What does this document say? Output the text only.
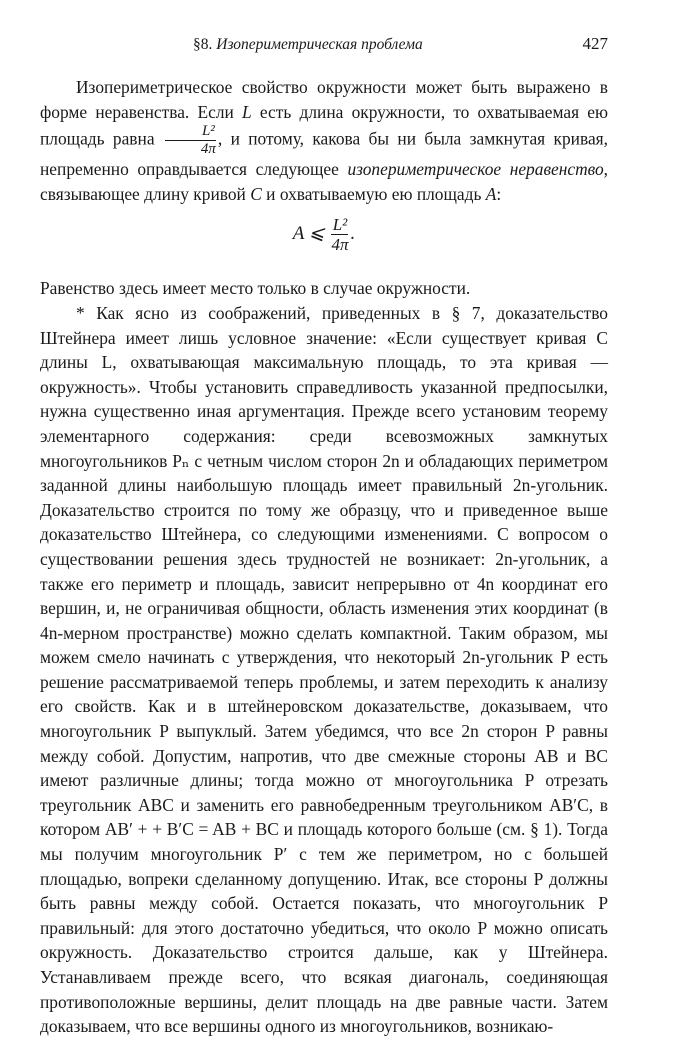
§8. Изопериметрическая проблема	427

Изопериметрическое свойство окружности может быть выражено в форме неравенства. Если L есть длина окружности, то охватываемая ею площадь равна $\frac{\text{L²}}{4\pi}$ , и потому, какова бы ни была замкнутая кривая, непременно оправдывается следующее изопериметрическое неравенство, связывающее длину кривой C и охватываемую ею площадь A:

A ⩽ $\frac{\text{L²}}{4\pi}$ .

Равенство здесь имеет место только в случае окружности.

* Как ясно из соображений, приведенных в § 7, доказательство Штейнера имеет лишь условное значение: «Если существует кривая C длины L, охватывающая максимальную площадь, то эта кривая — окружность». Чтобы установить справедливость указанной предпосылки, нужна существенно иная аргументация. Прежде всего установим теорему элементарного содержания: среди всевозможных замкнутых многоугольников Pₙ с четным числом сторон 2n и обладающих периметром заданной длины наибольшую площадь имеет правильный 2n-угольник. Доказательство строится по тому же образцу, что и приведенное выше доказательство Штейнера, со следующими изменениями. С вопросом о существовании решения здесь трудностей не возникает: 2n-угольник, а также его периметр и площадь, зависит непрерывно от 4n координат его вершин, и, не ограничивая общности, область изменения этих координат (в 4n-мерном пространстве) можно сделать компактной. Таким образом, мы можем смело начинать с утверждения, что некоторый 2n-угольник P есть решение рассматриваемой теперь проблемы, и затем переходить к анализу его свойств. Как и в штейнеровском доказательстве, доказываем, что многоугольник P выпуклый. Затем убедимся, что все 2n сторон P равны между собой. Допустим, напротив, что две смежные стороны AB и BC имеют различные длины; тогда можно от многоугольника P отрезать треугольник ABC и заменить его равнобедренным треугольником AB′C, в котором AB′ + + B′C = AB + BC и площадь которого больше (см. § 1). Тогда мы получим многоугольник P′ с тем же периметром, но с большей площадью, вопреки сделанному допущению. Итак, все стороны P должны быть равны между собой. Остается показать, что многоугольник P правильный: для этого достаточно убедиться, что около P можно описать окружность. Доказательство строится дальше, как у Штейнера. Устанавливаем прежде всего, что всякая диагональ, соединяющая противоположные вершины, делит площадь на две равные части. Затем доказываем, что все вершины одного из многоугольников, возникаю-
